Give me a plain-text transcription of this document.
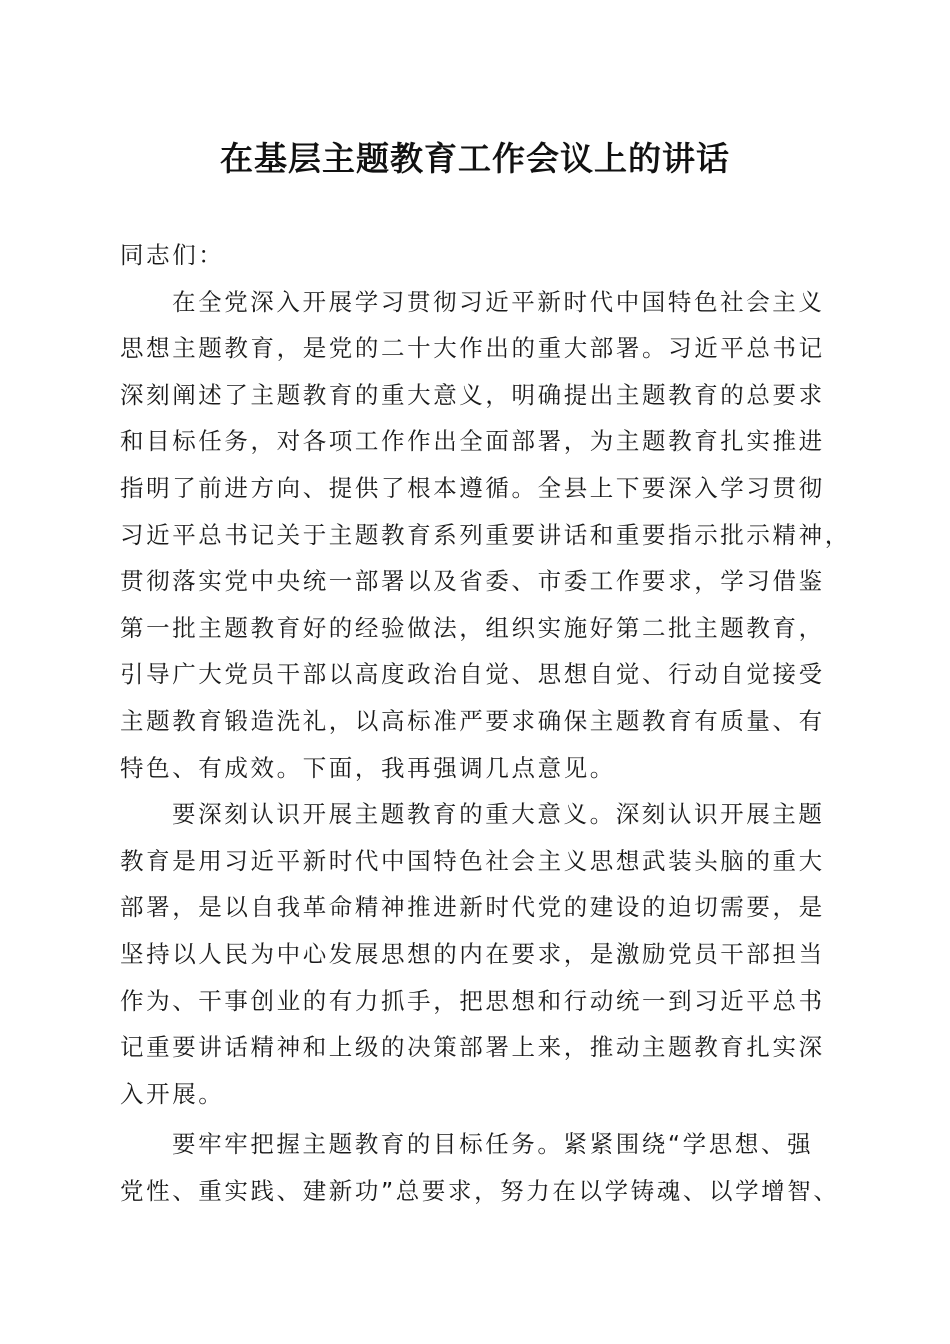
在基层主题教育工作会议上的讲话
同志们：
在全党深入开展学习贯彻习近平新时代中国特色社会主义
思想主题教育，是党的二十大作出的重大部署。习近平总书记
深刻阐述了主题教育的重大意义，明确提出主题教育的总要求
和目标任务，对各项工作作出全面部署，为主题教育扎实推进
指明了前进方向、提供了根本遵循。全县上下要深入学习贯彻
习近平总书记关于主题教育系列重要讲话和重要指示批示精神，
贯彻落实党中央统一部署以及省委、市委工作要求，学习借鉴
第一批主题教育好的经验做法，组织实施好第二批主题教育，
引导广大党员干部以高度政治自觉、思想自觉、行动自觉接受
主题教育锻造洗礼，以高标准严要求确保主题教育有质量、有
特色、有成效。下面，我再强调几点意见。
要深刻认识开展主题教育的重大意义。深刻认识开展主题
教育是用习近平新时代中国特色社会主义思想武装头脑的重大
部署，是以自我革命精神推进新时代党的建设的迫切需要，是
坚持以人民为中心发展思想的内在要求，是激励党员干部担当
作为、干事创业的有力抓手，把思想和行动统一到习近平总书
记重要讲话精神和上级的决策部署上来，推动主题教育扎实深
入开展。
要牢牢把握主题教育的目标任务。紧紧围绕“学思想、强
党性、重实践、建新功”总要求，努力在以学铸魂、以学增智、
